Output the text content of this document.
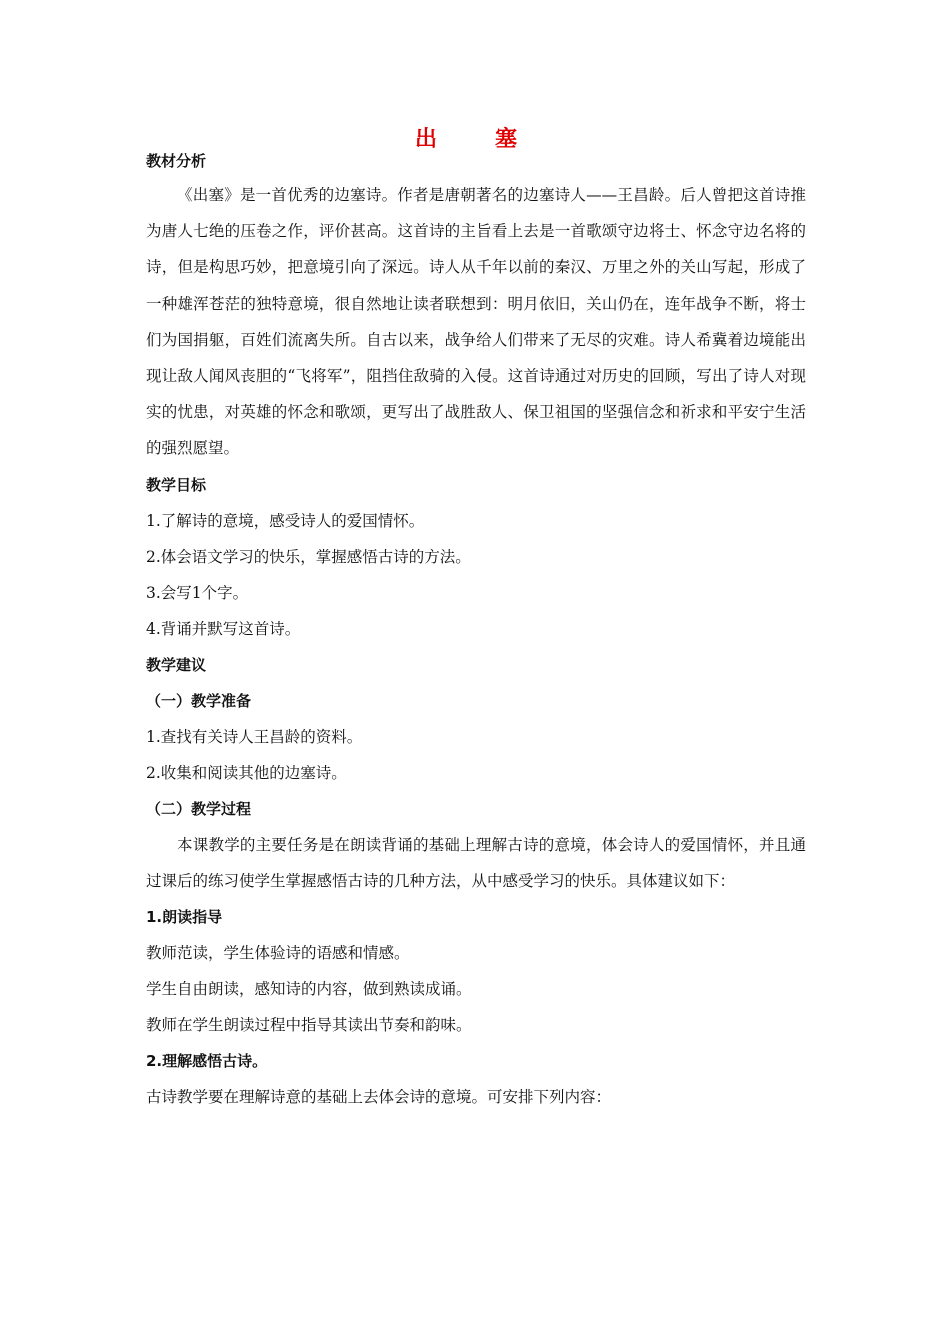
出　塞
教材分析
《出塞》是一首优秀的边塞诗。作者是唐朝著名的边塞诗人——王昌龄。后人曾把这首诗推为唐人七绝的压卷之作，评价甚高。这首诗的主旨看上去是一首歌颂守边将士、怀念守边名将的诗，但是构思巧妙，把意境引向了深远。诗人从千年以前的秦汉、万里之外的关山写起，形成了一种雄浑苍茫的独特意境，很自然地让读者联想到：明月依旧，关山仍在，连年战争不断，将士们为国捐躯，百姓们流离失所。自古以来，战争给人们带来了无尽的灾难。诗人希冀着边境能出现让敌人闻风丧胆的“飞将军”，阻挡住敌骑的入侵。这首诗通过对历史的回顾，写出了诗人对现实的忧患，对英雄的怀念和歌颂，更写出了战胜敌人、保卫祖国的坚强信念和祈求和平安宁生活的强烈愿望。
教学目标
1.了解诗的意境，感受诗人的爱国情怀。
2.体会语文学习的快乐，掌握感悟古诗的方法。
3.会写1个字。
4.背诵并默写这首诗。
教学建议
（一）教学准备
1.查找有关诗人王昌龄的资料。
2.收集和阅读其他的边塞诗。
（二）教学过程
本课教学的主要任务是在朗读背诵的基础上理解古诗的意境，体会诗人的爱国情怀，并且通过课后的练习使学生掌握感悟古诗的几种方法，从中感受学习的快乐。具体建议如下：
1.朗读指导
教师范读，学生体验诗的语感和情感。
学生自由朗读，感知诗的内容，做到熟读成诵。
教师在学生朗读过程中指导其读出节奏和韵味。
2.理解感悟古诗。
古诗教学要在理解诗意的基础上去体会诗的意境。可安排下列内容：
